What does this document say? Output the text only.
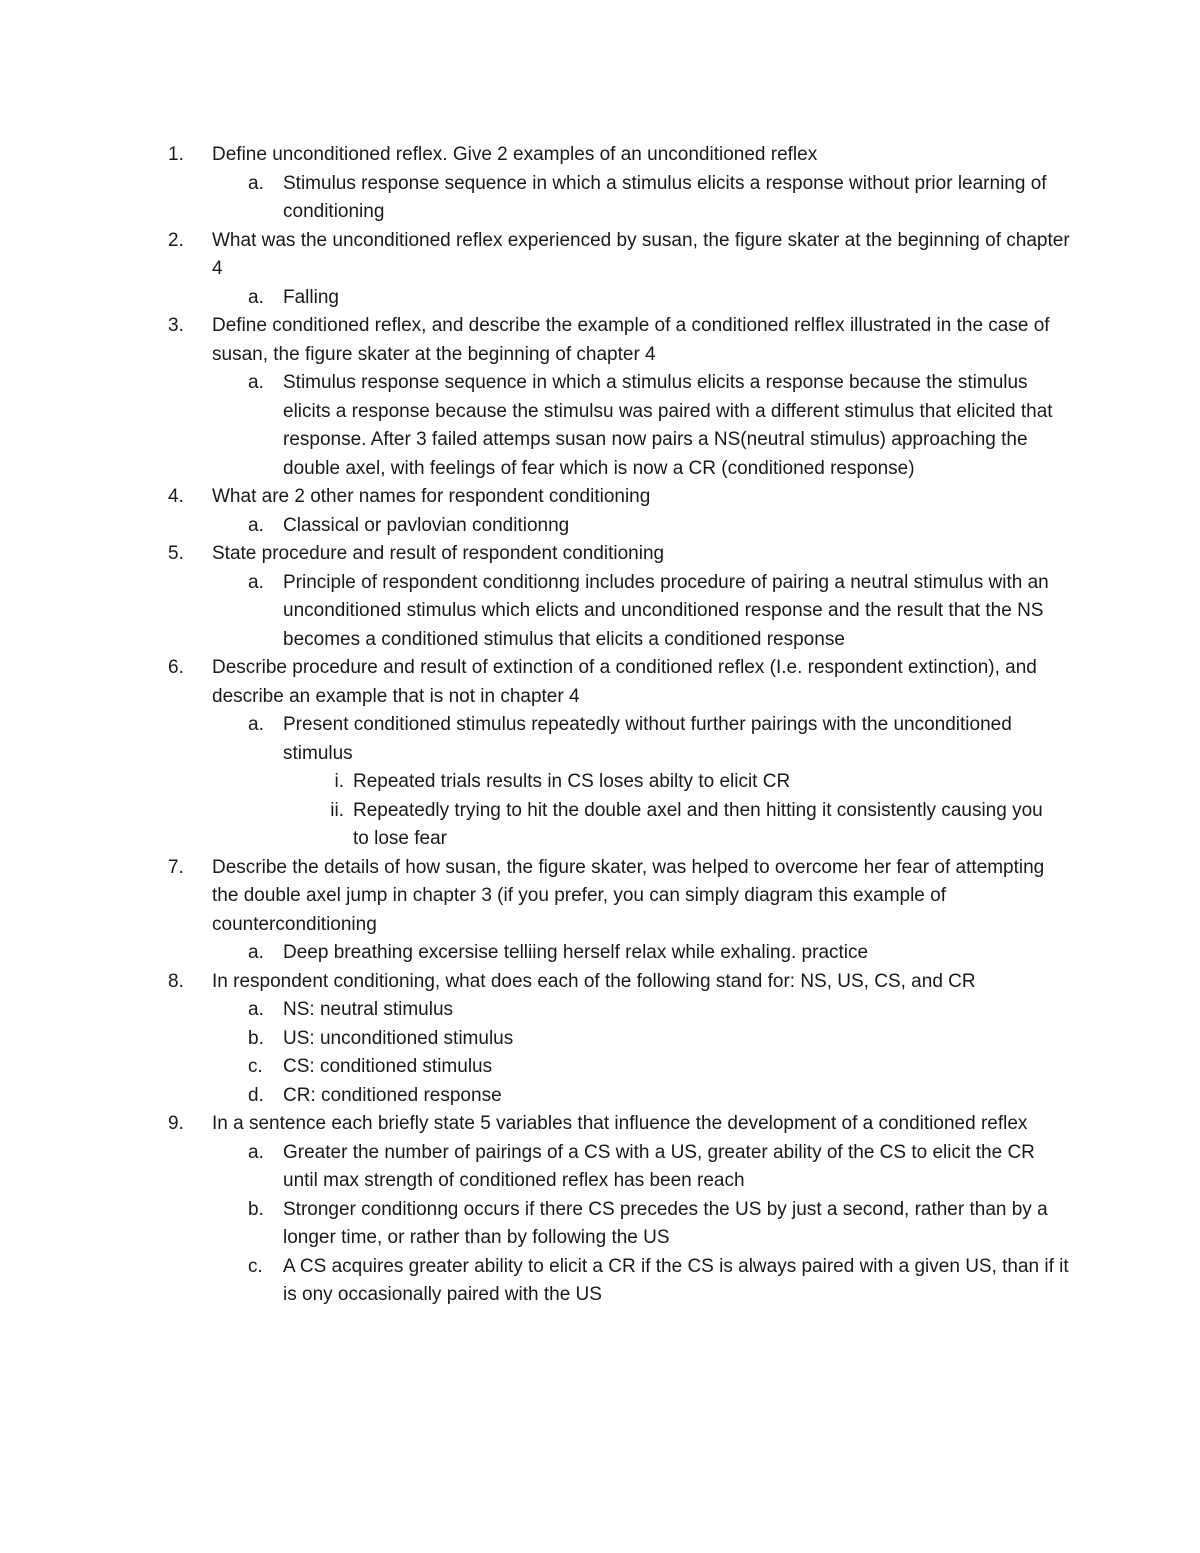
1.	Define unconditioned reflex. Give 2 examples of an unconditioned reflex
a.	Stimulus response sequence in which a stimulus elicits a response without prior learning of conditioning
2.	What was the unconditioned reflex experienced by susan, the figure skater at the beginning of chapter 4
a.	Falling
3.	Define conditioned reflex, and describe the example of a conditioned relflex illustrated in the case of susan, the figure skater at the beginning of chapter 4
a.	Stimulus response sequence in which a stimulus elicits a response because the stimulus elicits a response because the stimulsu was paired with a different stimulus that elicited that response. After 3 failed attemps susan now pairs a NS(neutral stimulus) approaching the double axel, with feelings of fear which is now a CR (conditioned response)
4.	What are 2 other names for respondent conditioning
a.	Classical or pavlovian conditionng
5.	State procedure and result of respondent conditioning
a.	Principle of respondent conditionng includes procedure of pairing a neutral stimulus with an unconditioned stimulus which elicts and unconditioned response and the result that the NS becomes a conditioned stimulus that elicits a conditioned response
6.	Describe procedure and result of extinction of a conditioned reflex (I.e. respondent extinction), and describe an example that is not in chapter 4
a.	Present conditioned stimulus repeatedly without further pairings with the unconditioned stimulus
i. Repeated trials results in CS loses abilty to elicit CR
ii. Repeatedly trying to hit the double axel and then hitting it consistently causing you to lose fear
7.	Describe the details of how susan, the figure skater, was helped to overcome her fear of attempting the double axel jump in chapter 3 (if you prefer, you can simply diagram this example of counterconditioning
a.	Deep breathing excersise telliing herself relax while exhaling. practice
8.	In respondent conditioning, what does each of the following stand for: NS, US, CS, and CR
a.	NS: neutral stimulus
b.	US: unconditioned stimulus
c.	CS: conditioned stimulus
d.	CR: conditioned response
9.	In a sentence each briefly state 5 variables that influence the development of a conditioned reflex
a.	Greater the number of pairings of a CS with a US, greater ability of the CS to elicit the CR until max strength of conditioned reflex has been reach
b.	Stronger conditionng occurs if there CS precedes the US by just a second, rather than by a longer time, or rather than by following the US
c.	A CS acquires greater ability to elicit a CR if the CS is always paired with a given US, than if it is ony occasionally paired with the US
